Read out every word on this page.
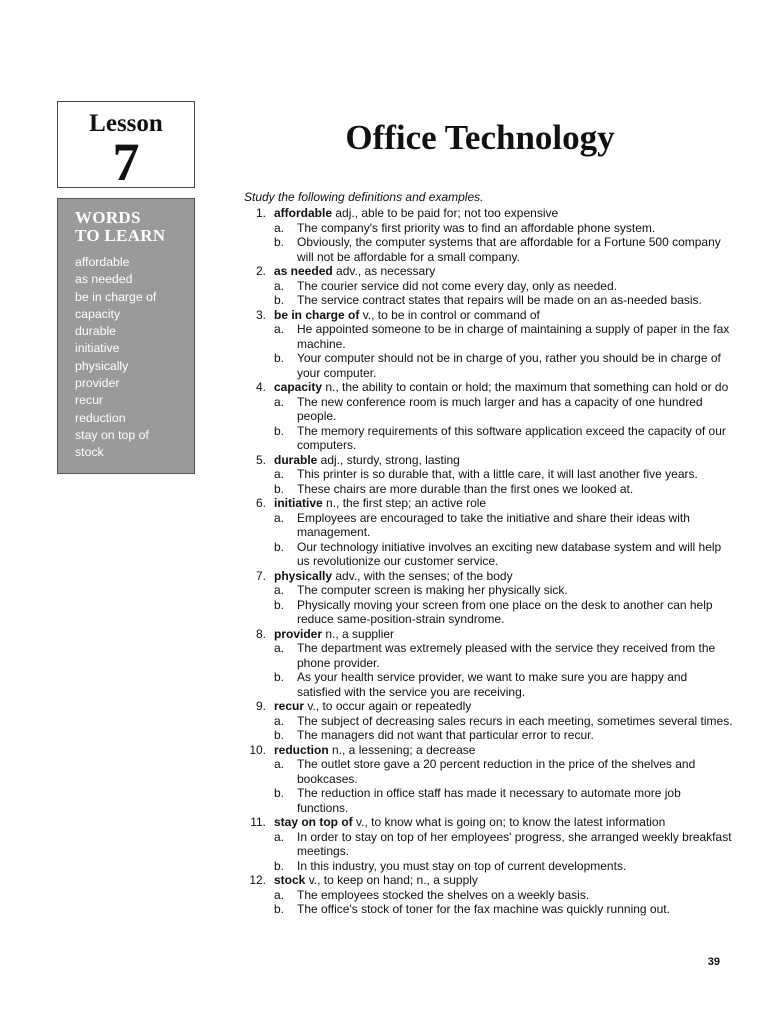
Lesson
7	Office Technology
WORDS
TO LEARN
affordable
as needed
be in charge of
capacity
durable
initiative
physically
provider
recur
reduction
stay on top of
stock

Study the following definitions and examples.

1. affordable adj., able to be paid for; not too expensive
a. The company's first priority was to find an affordable phone system.
b. Obviously, the computer systems that are affordable for a Fortune 500 company will not be affordable for a small company.
2. as needed adv., as necessary
a. The courier service did not come every day, only as needed.
b. The service contract states that repairs will be made on an as-needed basis.
3. be in charge of v., to be in control or command of
a. He appointed someone to be in charge of maintaining a supply of paper in the fax machine.
b. Your computer should not be in charge of you, rather you should be in charge of your computer.
4. capacity n., the ability to contain or hold; the maximum that something can hold or do
a. The new conference room is much larger and has a capacity of one hundred people.
b. The memory requirements of this software application exceed the capacity of our computers.
5. durable adj., sturdy, strong, lasting
a. This printer is so durable that, with a little care, it will last another five years.
b. These chairs are more durable than the first ones we looked at.
6. initiative n., the first step; an active role
a. Employees are encouraged to take the initiative and share their ideas with management.
b. Our technology initiative involves an exciting new database system and will help us revolutionize our customer service.
7. physically adv., with the senses; of the body
a. The computer screen is making her physically sick.
b. Physically moving your screen from one place on the desk to another can help reduce same-position-strain syndrome.
8. provider n., a supplier
a. The department was extremely pleased with the service they received from the phone provider.
b. As your health service provider, we want to make sure you are happy and satisfied with the service you are receiving.
9. recur v., to occur again or repeatedly
a. The subject of decreasing sales recurs in each meeting, sometimes several times.
b. The managers did not want that particular error to recur.
10. reduction n., a lessening; a decrease
a. The outlet store gave a 20 percent reduction in the price of the shelves and bookcases.
b. The reduction in office staff has made it necessary to automate more job functions.
11. stay on top of v., to know what is going on; to know the latest information
a. In order to stay on top of her employees' progress, she arranged weekly breakfast meetings.
b. In this industry, you must stay on top of current developments.
12. stock v., to keep on hand; n., a supply
a. The employees stocked the shelves on a weekly basis.
b. The office's stock of toner for the fax machine was quickly running out.
39
